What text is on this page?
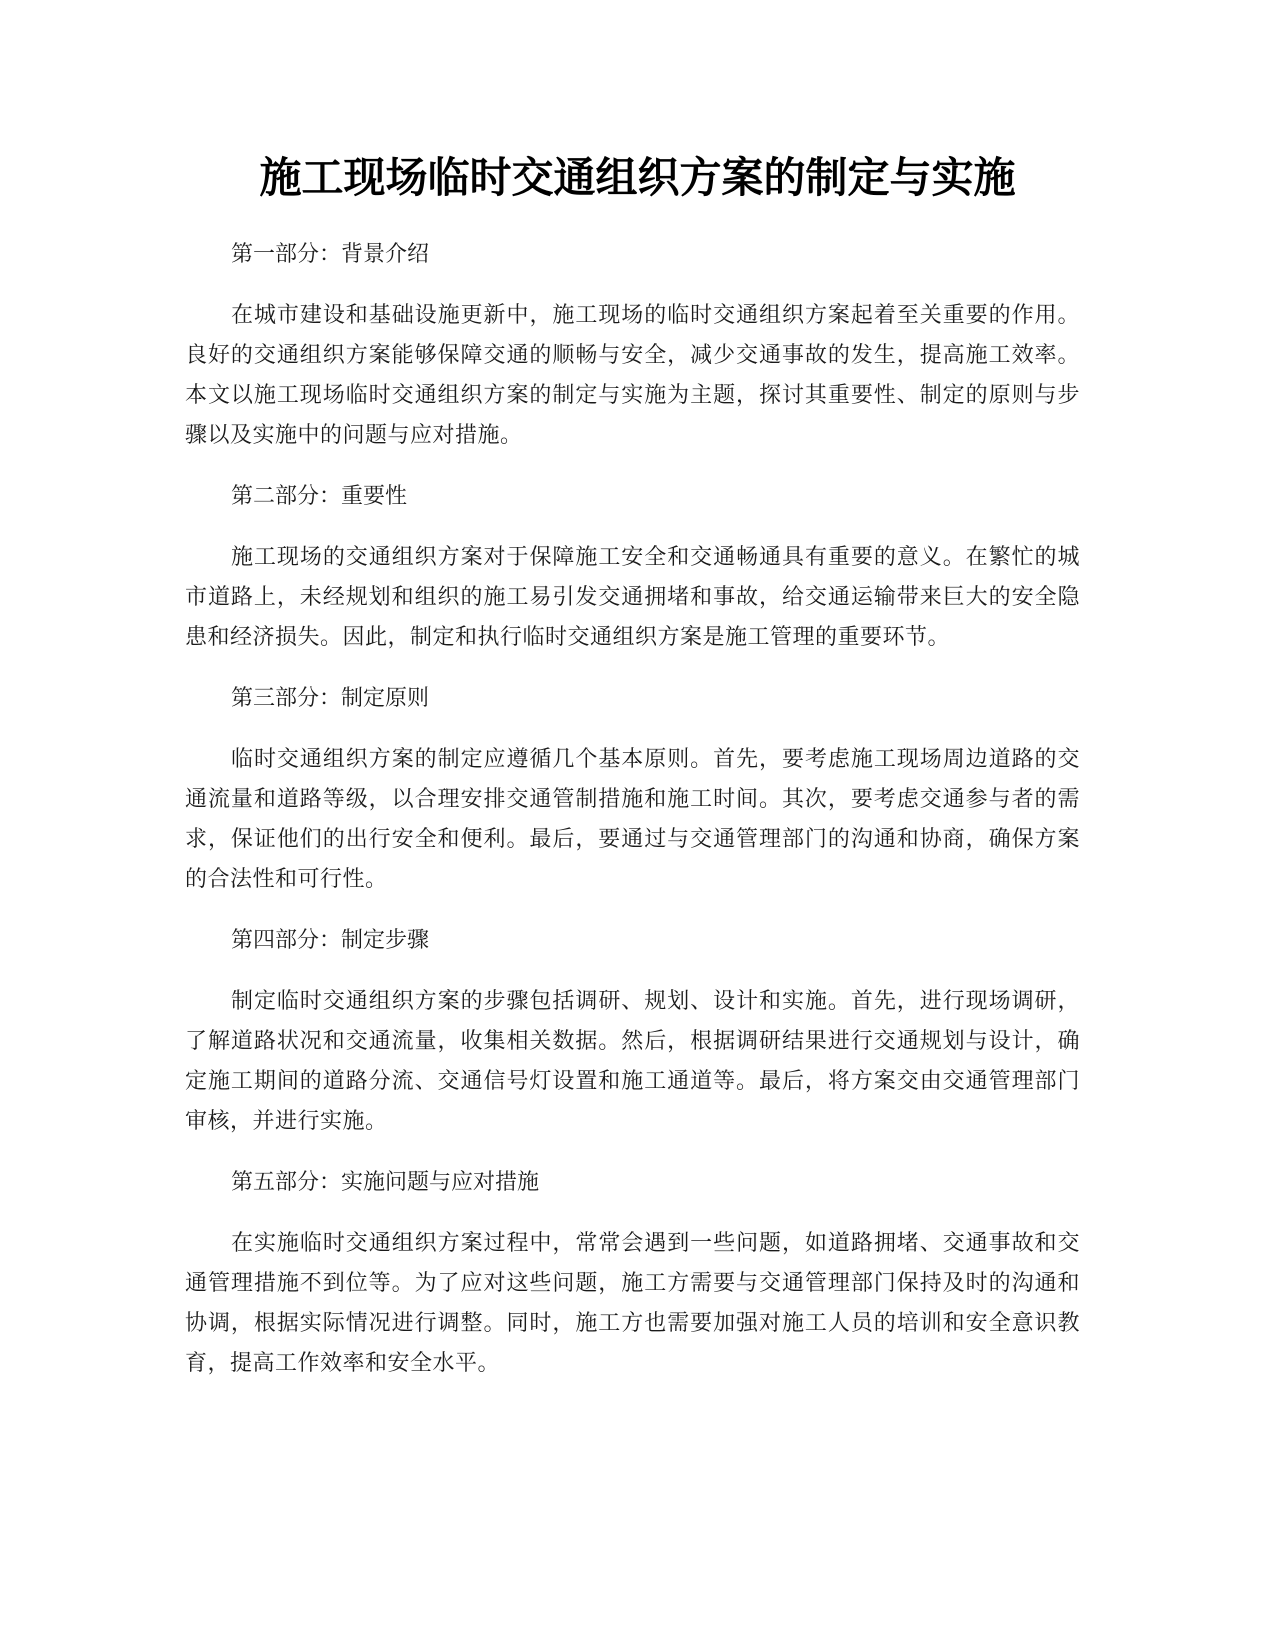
施工现场临时交通组织方案的制定与实施

第一部分：背景介绍

在城市建设和基础设施更新中，施工现场的临时交通组织方案起着至关重要的作用。良好的交通组织方案能够保障交通的顺畅与安全，减少交通事故的发生，提高施工效率。本文以施工现场临时交通组织方案的制定与实施为主题，探讨其重要性、制定的原则与步骤以及实施中的问题与应对措施。

第二部分：重要性

施工现场的交通组织方案对于保障施工安全和交通畅通具有重要的意义。在繁忙的城市道路上，未经规划和组织的施工易引发交通拥堵和事故，给交通运输带来巨大的安全隐患和经济损失。因此，制定和执行临时交通组织方案是施工管理的重要环节。

第三部分：制定原则

临时交通组织方案的制定应遵循几个基本原则。首先，要考虑施工现场周边道路的交通流量和道路等级，以合理安排交通管制措施和施工时间。其次，要考虑交通参与者的需求，保证他们的出行安全和便利。最后，要通过与交通管理部门的沟通和协商，确保方案的合法性和可行性。

第四部分：制定步骤

制定临时交通组织方案的步骤包括调研、规划、设计和实施。首先，进行现场调研，了解道路状况和交通流量，收集相关数据。然后，根据调研结果进行交通规划与设计，确定施工期间的道路分流、交通信号灯设置和施工通道等。最后，将方案交由交通管理部门审核，并进行实施。

第五部分：实施问题与应对措施

在实施临时交通组织方案过程中，常常会遇到一些问题，如道路拥堵、交通事故和交通管理措施不到位等。为了应对这些问题，施工方需要与交通管理部门保持及时的沟通和协调，根据实际情况进行调整。同时，施工方也需要加强对施工人员的培训和安全意识教育，提高工作效率和安全水平。
